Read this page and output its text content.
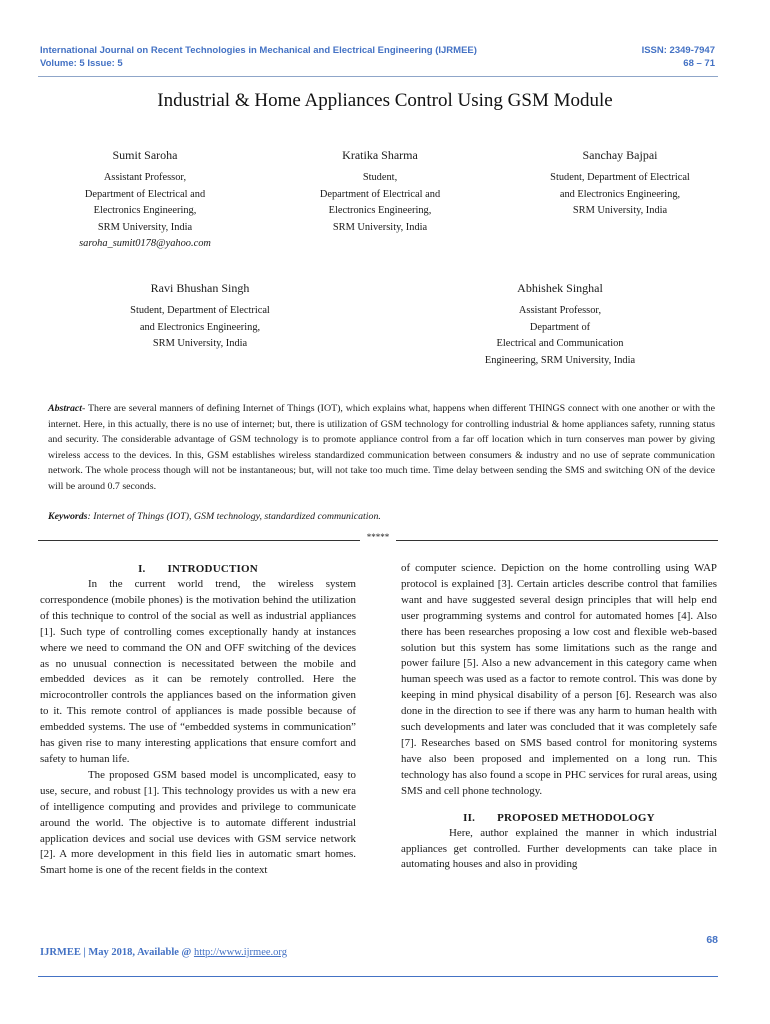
International Journal on Recent Technologies in Mechanical and Electrical Engineering (IJRMEE)
Volume: 5 Issue: 5
ISSN: 2349-7947
68 – 71
Industrial & Home Appliances Control Using GSM Module
Sumit Saroha
Assistant Professor,
Department of Electrical and
Electronics Engineering,
SRM University, India
saroha_sumit0178@yahoo.com
Kratika Sharma
Student,
Department of Electrical and
Electronics Engineering,
SRM University, India
Sanchay Bajpai
Student, Department of Electrical
and Electronics Engineering,
SRM University, India
Ravi Bhushan Singh
Student, Department of Electrical
and Electronics Engineering,
SRM University, India
Abhishek Singhal
Assistant Professor,
Department of
Electrical and Communication
Engineering, SRM University, India
Abstract- There are several manners of defining Internet of Things (IOT), which explains what, happens when different THINGS connect with one another or with the internet. Here, in this actually, there is no use of internet; but, there is utilization of GSM technology for controlling industrial & home appliances safety, running status and security. The considerable advantage of GSM technology is to promote appliance control from a far off location which in turn conserves man power by giving wireless access to the devices. In this, GSM establishes wireless standardized communication between consumers & industry and no use of seprate communication network. The whole process though will not be instantaneous; but, will not take too much time. Time delay between sending the SMS and switching ON of the device will be around 0.7 seconds.
Keywords: Internet of Things (IOT), GSM technology, standardized communication.
*****
I. INTRODUCTION

In the current world trend, the wireless system correspondence (mobile phones) is the motivation behind the utilization of this technique to control of the social as well as industrial appliances [1]. Such type of controlling comes exceptionally handy at instances where we need to command the ON and OFF switching of the devices as no unusual connection is necessitated between the mobile and embedded devices as it can be remotely controlled. Here the microcontroller controls the appliances based on the information given to it. This remote control of appliances is made possible because of embedded systems. The use of “embedded systems in communication” has given rise to many interesting applications that ensure comfort and safety to human life.

The proposed GSM based model is uncomplicated, easy to use, secure, and robust [1]. This technology provides us with a new era of intelligence computing and provides and privilege to communicate around the world. The objective is to automate different industrial application devices and social use devices with GSM service network [2]. A more development in this field lies in automatic smart homes. Smart home is one of the recent fields in the context

of computer science. Depiction on the home controlling using WAP protocol is explained [3]. Certain articles describe control that families want and have suggested several design principles that will help end user programming systems and control for automated homes [4]. Also there has been researches proposing a low cost and flexible web-based solution but this system has some limitations such as the range and power failure [5]. Also a new advancement in this category came when human speech was used as a factor to remote control. This was done by keeping in mind physical disability of a person [6]. Research was also done in the direction to see if there was any harm to human health with such developments and later was concluded that it was completely safe [7]. Researches based on SMS based control for monitoring systems have also been proposed and implemented on a long run. This technology has also found a scope in PHC services for rural areas, using SMS and cell phone technology.

II. PROPOSED METHODOLOGY

Here, author explained the manner in which industrial appliances get controlled. Further developments can take place in automating houses and also in providing

68
IJRMEE | May 2018, Available @ http://www.ijrmee.org
